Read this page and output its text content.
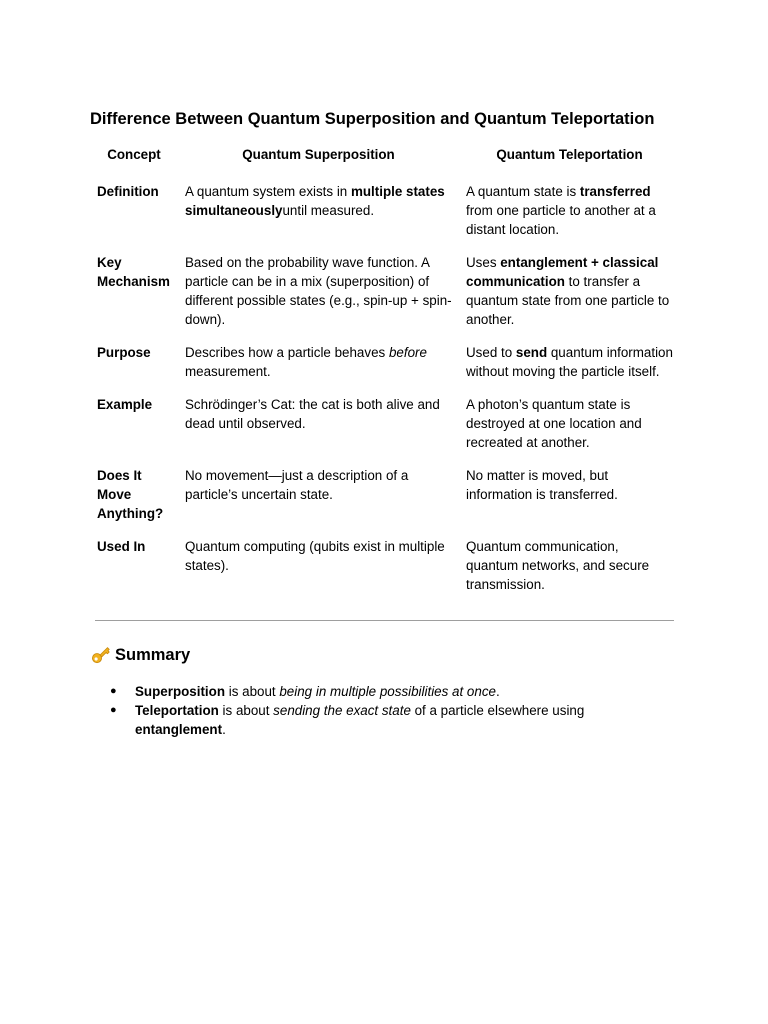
Difference Between Quantum Superposition and Quantum Teleportation
Concept	Quantum Superposition	Quantum Teleportation
Definition	A quantum system exists in multiple states simultaneouslyuntil measured.	A quantum state is transferred from one particle to another at a distant location.
Key Mechanism	Based on the probability wave function. A particle can be in a mix (superposition) of different possible states (e.g., spin-up + spin-down).	Uses entanglement + classical communication to transfer a quantum state from one particle to another.
Purpose	Describes how a particle behaves before measurement.	Used to send quantum information without moving the particle itself.
Example	Schrödinger’s Cat: the cat is both alive and dead until observed.	A photon’s quantum state is destroyed at one location and recreated at another.
Does It Move Anything?	No movement—just a description of a particle’s uncertain state.	No matter is moved, but information is transferred.
Used In	Quantum computing (qubits exist in multiple states).	Quantum communication, quantum networks, and secure transmission.
Summary
● Superposition is about being in multiple possibilities at once.
● Teleportation is about sending the exact state of a particle elsewhere using entanglement.
